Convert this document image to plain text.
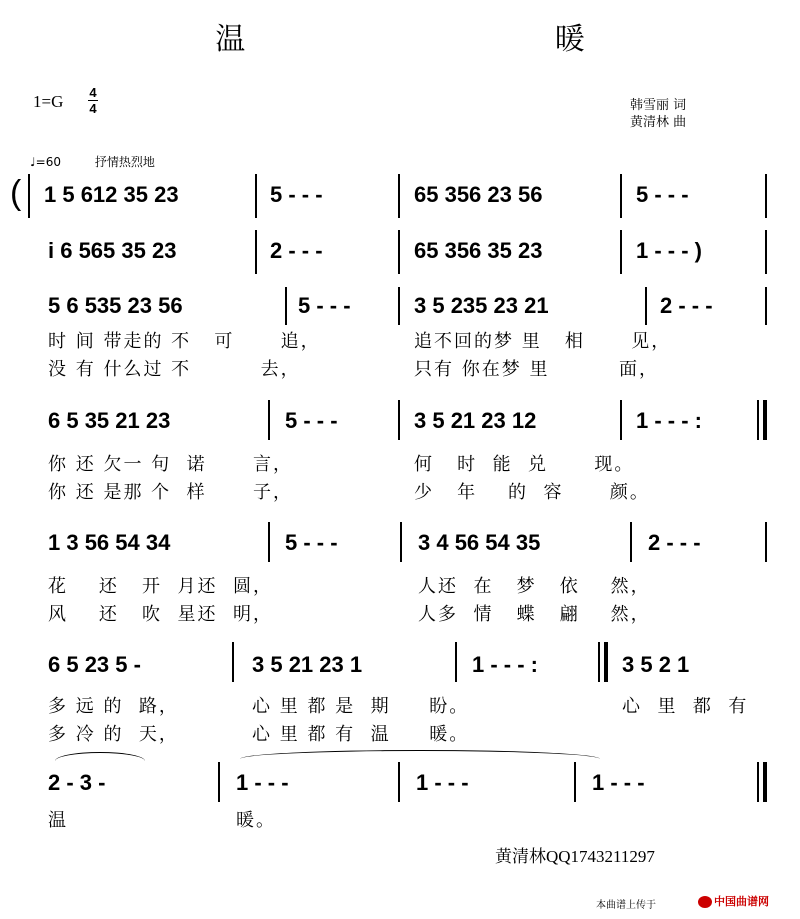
温 暖
1=G 4
4	韩雪丽 词
黄清林 曲
♩=60	抒情热烈地
( 1 5 612 35 23	5 - - -	65 356 23 56	5 - - -
i 6 565 35 23	2 - - -	65 356 35 23	1 - - - )
5 6 535 23 56	5 - - -	3 5 235 23 21	2 - - -
时 间 带走的 不   可      追，	追不回的梦 里   相      见，
没 有 什么过 不         去，	只有 你在梦 里         面，
6 5 35 21 23	5 - - -	3 5 21 23 12	1 - - - :
你 还 欠一 句  诺      言，	何   时  能  兑      现。
你 还 是那 个  样      子，	少   年    的  容      颜。
1 3 56 54 34	5 - - -	3 4 56 54 35	2 - - -
花    还   开  月还  圆，	人还  在   梦   依    然，
风    还   吹  星还  明，	人多  情   蝶   翩    然，
6 5 23 5 -	3 5 21 23 1	1 - - - :	3 5 2 1
多 远 的  路，	心 里 都 是  期     盼。	心  里  都  有
多 冷 的  天，	心 里 都 有  温     暖。
2 - 3 -	1 - - -	1 - - -	1 - - -
温	暖。
黄清林QQ1743211297
本曲谱上传于	中国曲谱网
